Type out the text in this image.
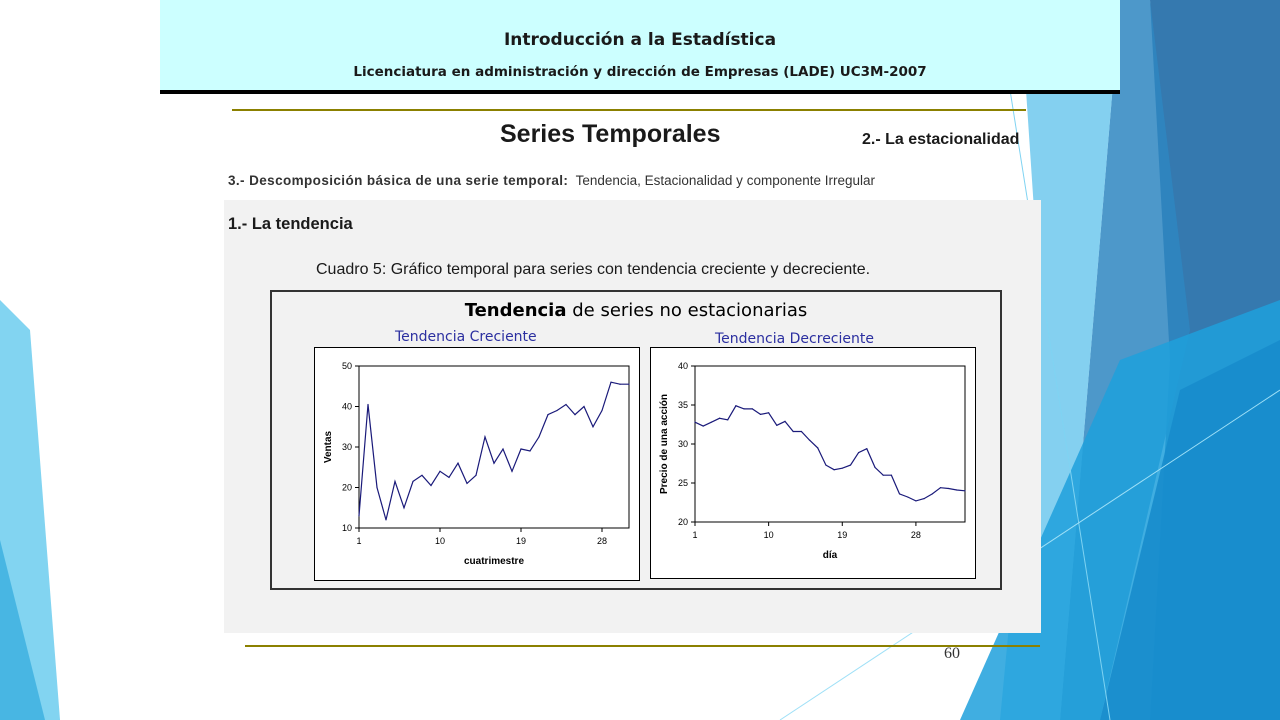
Introducción a la Estadística
Licenciatura en administración y dirección de Empresas (LADE) UC3M-2007
Series Temporales	2.- La estacionalidad
3.- Descomposición básica de una serie temporal: Tendencia, Estacionalidad y componente Irregular
1.- La tendencia
Cuadro 5: Gráfico temporal para series con tendencia creciente y decreciente.
Tendencia de series no estacionarias
Tendencia Creciente	Tendencia Decreciente
10
20
30
40
50
1	10	19	28
cuatrimestre
Ventas
20
25
30
35
40
1	10	19	28
día
Precio de una acción
60
